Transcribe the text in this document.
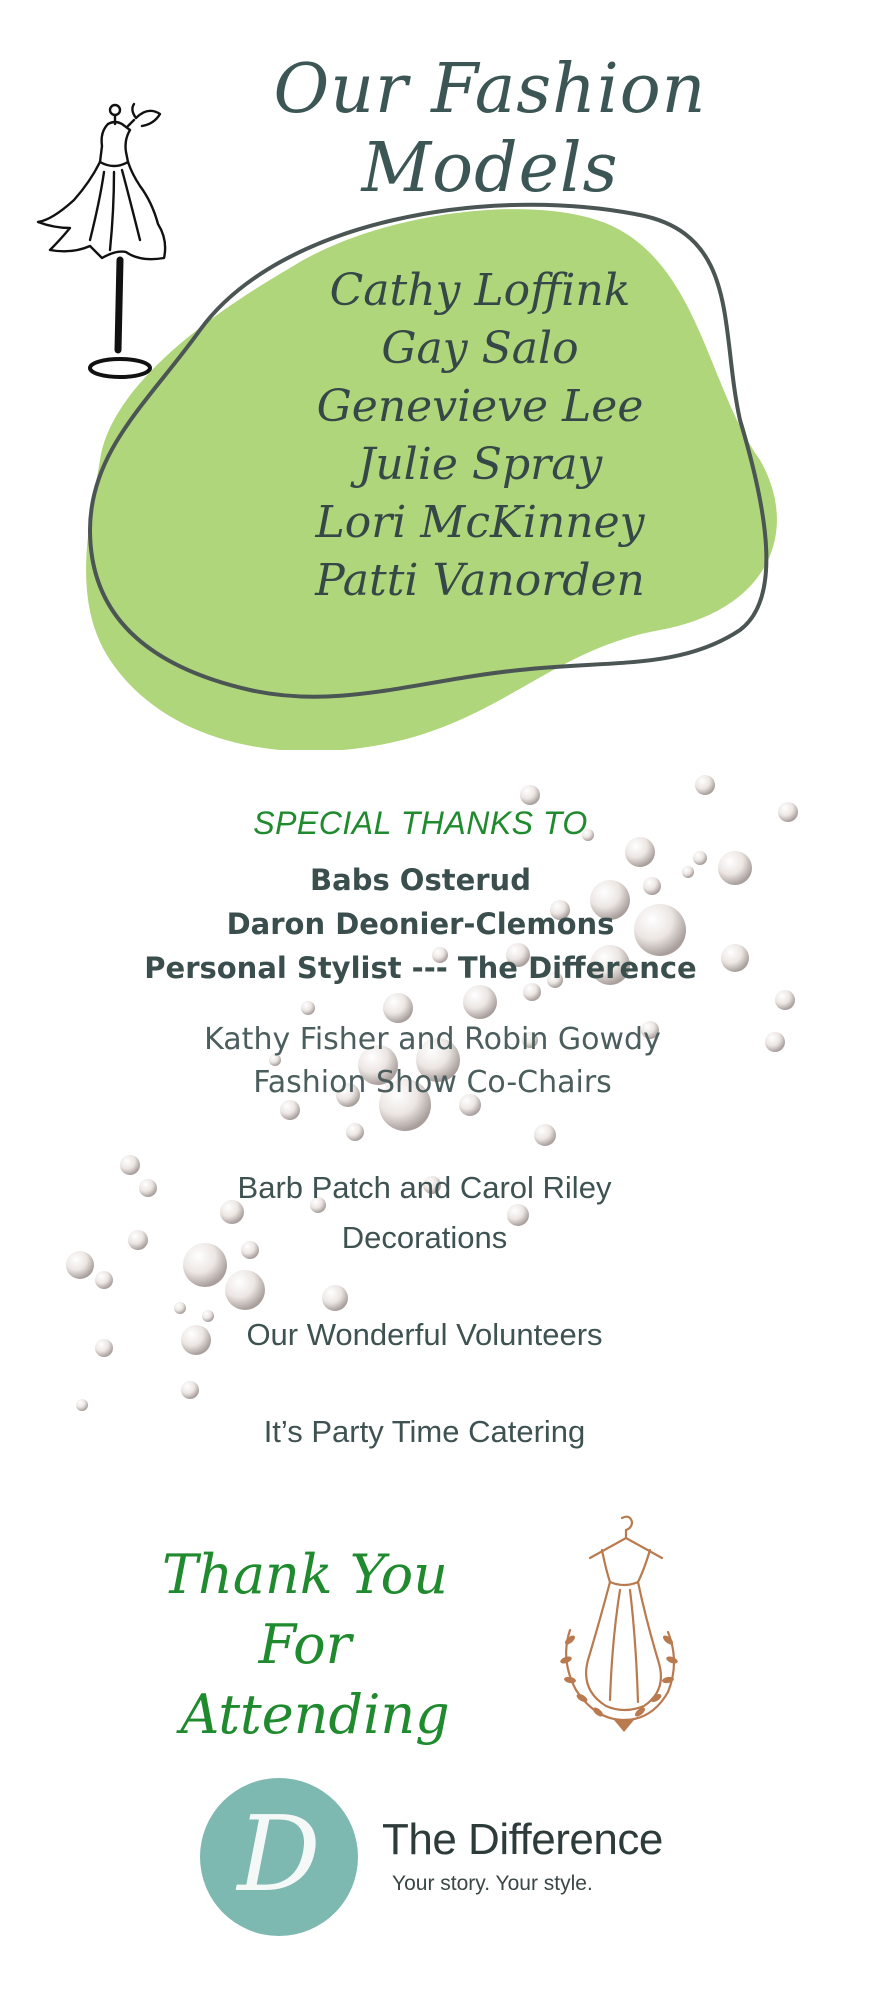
Our Fashion Models
Cathy Loffink
Gay Salo
Genevieve Lee
Julie Spray
Lori McKinney
Patti Vanorden
SPECIAL THANKS TO
Babs Osterud
Daron Deonier-Clemons
Personal Stylist --- The Difference
Kathy Fisher and Robin Gowdy
Fashion Show Co-Chairs
Barb Patch and Carol Riley
Decorations
Our Wonderful Volunteers
It’s Party Time Catering
Thank You For
Attending
D The Difference
Your story. Your style.
